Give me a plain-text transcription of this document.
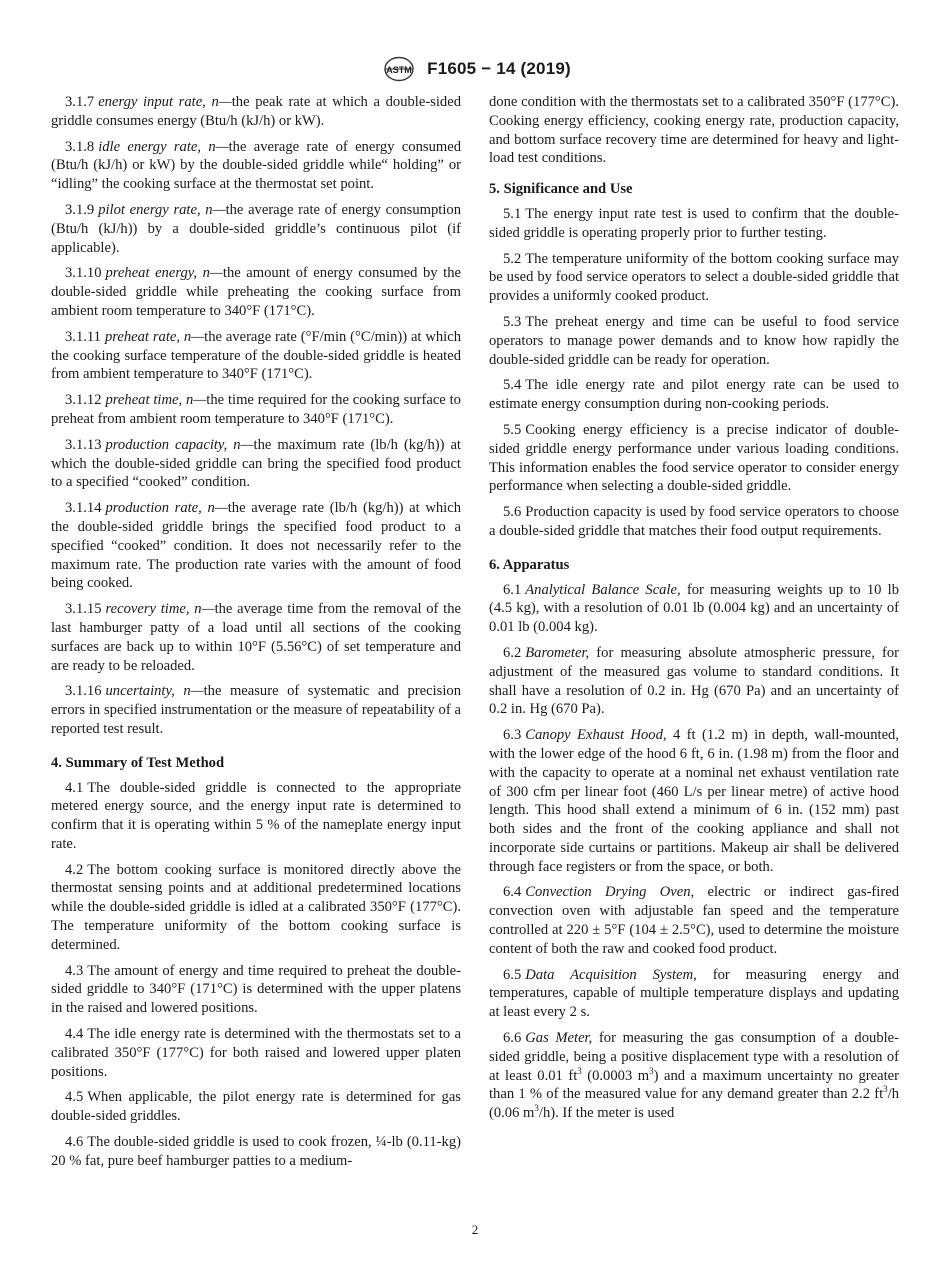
ASTM F1605 − 14 (2019)

3.1.7 energy input rate, n—the peak rate at which a double-sided griddle consumes energy (Btu/h (kJ/h) or kW).

3.1.8 idle energy rate, n—the average rate of energy consumed (Btu/h (kJ/h) or kW) by the double-sided griddle while“ holding” or “idling” the cooking surface at the thermostat set point.

3.1.9 pilot energy rate, n—the average rate of energy consumption (Btu/h (kJ/h)) by a double-sided griddle’s continuous pilot (if applicable).

3.1.10 preheat energy, n—the amount of energy consumed by the double-sided griddle while preheating the cooking surface from ambient room temperature to 340°F (171°C).

3.1.11 preheat rate, n—the average rate (°F/min (°C/min)) at which the cooking surface temperature of the double-sided griddle is heated from ambient temperature to 340°F (171°C).

3.1.12 preheat time, n—the time required for the cooking surface to preheat from ambient room temperature to 340°F (171°C).

3.1.13 production capacity, n—the maximum rate (lb/h (kg/h)) at which the double-sided griddle can bring the specified food product to a specified “cooked” condition.

3.1.14 production rate, n—the average rate (lb/h (kg/h)) at which the double-sided griddle brings the specified food product to a specified “cooked” condition. It does not necessarily refer to the maximum rate. The production rate varies with the amount of food being cooked.

3.1.15 recovery time, n—the average time from the removal of the last hamburger patty of a load until all sections of the cooking surfaces are back up to within 10°F (5.56°C) of set temperature and are ready to be reloaded.

3.1.16 uncertainty, n—the measure of systematic and precision errors in specified instrumentation or the measure of repeatability of a reported test result.

4. Summary of Test Method

4.1 The double-sided griddle is connected to the appropriate metered energy source, and the energy input rate is determined to confirm that it is operating within 5 % of the nameplate energy input rate.

4.2 The bottom cooking surface is monitored directly above the thermostat sensing points and at additional predetermined locations while the double-sided griddle is idled at a calibrated 350°F (177°C). The temperature uniformity of the bottom cooking surface is determined.

4.3 The amount of energy and time required to preheat the double-sided griddle to 340°F (171°C) is determined with the upper platens in the raised and lowered positions.

4.4 The idle energy rate is determined with the thermostats set to a calibrated 350°F (177°C) for both raised and lowered upper platen positions.

4.5 When applicable, the pilot energy rate is determined for gas double-sided griddles.

4.6 The double-sided griddle is used to cook frozen, ¼-lb (0.11-kg) 20 % fat, pure beef hamburger patties to a medium-

done condition with the thermostats set to a calibrated 350°F (177°C). Cooking energy efficiency, cooking energy rate, production capacity, and bottom surface recovery time are determined for heavy and light-load test conditions.

5. Significance and Use

5.1 The energy input rate test is used to confirm that the double-sided griddle is operating properly prior to further testing.

5.2 The temperature uniformity of the bottom cooking surface may be used by food service operators to select a double-sided griddle that provides a uniformly cooked product.

5.3 The preheat energy and time can be useful to food service operators to manage power demands and to know how rapidly the double-sided griddle can be ready for operation.

5.4 The idle energy rate and pilot energy rate can be used to estimate energy consumption during non-cooking periods.

5.5 Cooking energy efficiency is a precise indicator of double-sided griddle energy performance under various loading conditions. This information enables the food service operator to consider energy performance when selecting a double-sided griddle.

5.6 Production capacity is used by food service operators to choose a double-sided griddle that matches their food output requirements.

6. Apparatus

6.1 Analytical Balance Scale, for measuring weights up to 10 lb (4.5 kg), with a resolution of 0.01 lb (0.004 kg) and an uncertainty of 0.01 lb (0.004 kg).

6.2 Barometer, for measuring absolute atmospheric pressure, for adjustment of the measured gas volume to standard conditions. It shall have a resolution of 0.2 in. Hg (670 Pa) and an uncertainty of 0.2 in. Hg (670 Pa).

6.3 Canopy Exhaust Hood, 4 ft (1.2 m) in depth, wall-mounted, with the lower edge of the hood 6 ft, 6 in. (1.98 m) from the floor and with the capacity to operate at a nominal net exhaust ventilation rate of 300 cfm per linear foot (460 L/s per linear metre) of active hood length. This hood shall extend a minimum of 6 in. (152 mm) past both sides and the front of the cooking appliance and shall not incorporate side curtains or partitions. Makeup air shall be delivered through face registers or from the space, or both.

6.4 Convection Drying Oven, electric or indirect gas-fired convection oven with adjustable fan speed and the temperature controlled at 220 ± 5°F (104 ± 2.5°C), used to determine the moisture content of both the raw and cooked food product.

6.5 Data Acquisition System, for measuring energy and temperatures, capable of multiple temperature displays and updating at least every 2 s.

6.6 Gas Meter, for measuring the gas consumption of a double-sided griddle, being a positive displacement type with a resolution of at least 0.01 $ft^3$ (0.0003 $m^3$) and a maximum uncertainty no greater than 1 % of the measured value for any demand greater than 2.2 $ft^3/h$ (0.06 $m^3/h$). If the meter is used

2
